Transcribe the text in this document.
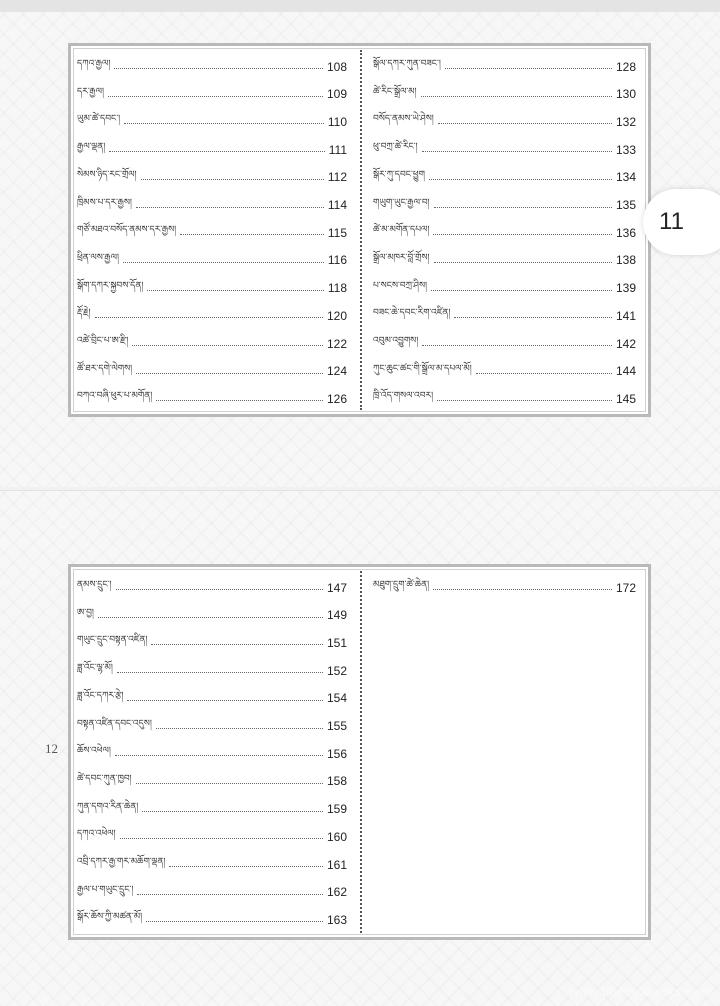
དཀའ་རྒྱལ།	108
དར་རྒྱལ།	109
ཡུམ་ཚེ་དབང་།	110
རྒྱལ་ལྡན།	111
སེམས་ཉིད་རང་གྲོལ།	112
ཁྲིམས་པ་དར་རྒྱས།	114
གཙོ་མཐའ་བསོད་ནམས་དར་རྒྱས།	115
ཕྲིན་ལས་རྒྱལ།	116
སྒོག་དཀར་སྐྱབས་དོན།	118
རྡོ་རྗེ།	120
འཚེ་བྲིང་པ་ཨ་རྫི།	122
ཚོ་ཐར་དགེ་ལེགས།	124
བཀའ་བཞི་ཕུར་པ་མགོན།	126
སྒོལ་དཀར་ཀུན་བཟང་།	128
ཚེ་རིང་སྒྲོལ་མ།	130
བསོད་ནམས་ཡེ་ཤེས།	132
ཕུ་བཀྲ་ཚེ་རིང་།	133
སྒོར་ཀུ་དབང་ཕྱུག	134
གཡུག་ཡུང་རྒྱལ་བ།	135
ཚེ་མ་མགོན་དཔལ།	136
སྒྲོལ་མཁར་བློ་གྲོས།	138
པ་སངས་བཀྲ་ཤིས།	139
བཟང་ཆེ་དབང་རིག་འཛིན།	141
འབུམ་འབྱུགས།	142
ཀུང་ཆུང་ཚང་གི་སྒྲོལ་མ་དཔལ་མོ།	144
ཁྲི་འོད་གསལ་འབར།	145
ནམས་དྲུང་།	147
ཨ་བྱ།	149
གཡུང་དྲུང་བསྟན་འཛིན།	151
ཟླ་འོང་ལྷ་མོ།	152
ཟླ་འོང་དཀར་རྩེ།	154
བསྟན་འཛིན་དབང་འདུས།	155
ཆོས་འཕེལ།	156
ཚེ་དབང་ཀུན་ཁྱབ།	158
ཀུན་དགའ་རིན་ཆེན།	159
དཀའ་འཕེལ།	160
འབྲི་དཀར་རྒྱ་གར་མཆོག་ལྡན།	161
རྒྱལ་པ་གཡུང་དྲུང་།	162
སྒོར་ཆོས་ཀྱི་མཚན་མོ།	163
མཐུག་དྲུག་ཚེ་ཆེན།	172
11
12
www.tibetanbooks.com
